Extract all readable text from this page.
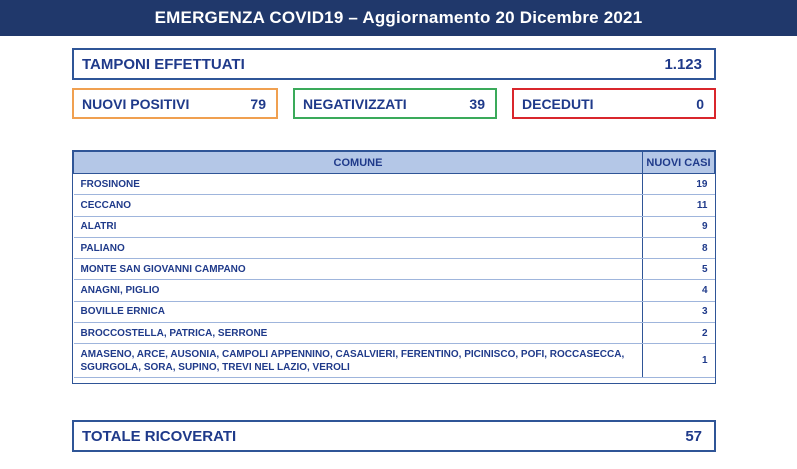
EMERGENZA COVID19 – Aggiornamento 20 Dicembre 2021
TAMPONI EFFETTUATI	1.123
NUOVI POSITIVI	79	NEGATIVIZZATI	39	DECEDUTI	0
COMUNE	NUOVI CASI
FROSINONE	19
CECCANO	11
ALATRI	9
PALIANO	8
MONTE SAN GIOVANNI CAMPANO	5
ANAGNI, PIGLIO	4
BOVILLE ERNICA	3
BROCCOSTELLA, PATRICA, SERRONE	2
AMASENO, ARCE, AUSONIA, CAMPOLI APPENNINO, CASALVIERI, FERENTINO, PICINISCO, POFI, ROCCASECCA, SGURGOLA, SORA, SUPINO, TREVI NEL LAZIO, VEROLI	1
TOTALE RICOVERATI	57
